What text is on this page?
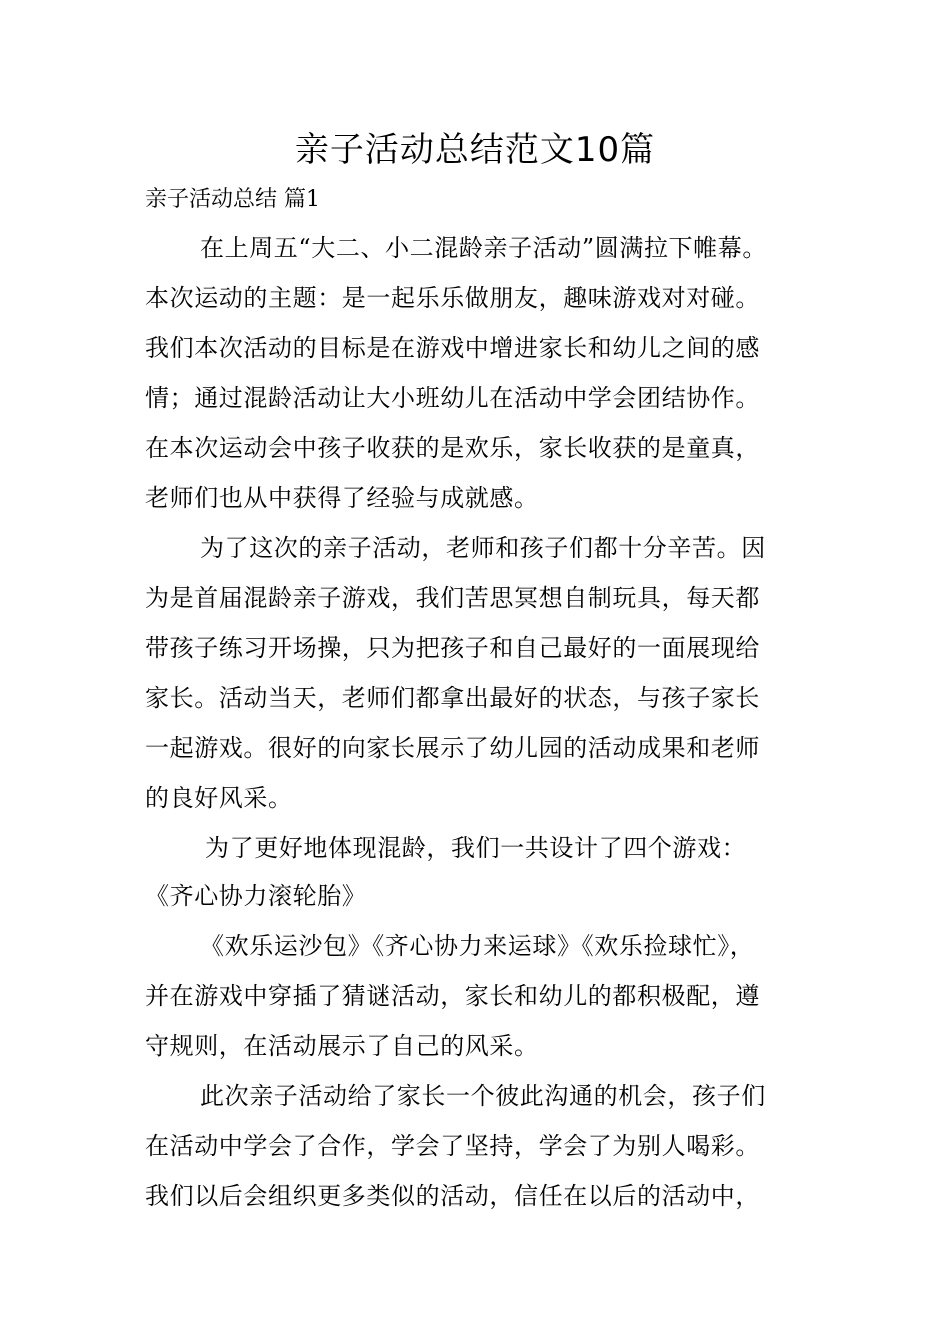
亲子活动总结范文10篇

亲子活动总结 篇1

在上周五“大二、小二混龄亲子活动”圆满拉下帷幕。

本次运动的主题：是一起乐乐做朋友，趣味游戏对对碰。

我们本次活动的目标是在游戏中增进家长和幼儿之间的感

情；通过混龄活动让大小班幼儿在活动中学会团结协作。

在本次运动会中孩子收获的是欢乐，家长收获的是童真，

老师们也从中获得了经验与成就感。

为了这次的亲子活动，老师和孩子们都十分辛苦。因

为是首届混龄亲子游戏，我们苦思冥想自制玩具，每天都

带孩子练习开场操，只为把孩子和自己最好的一面展现给

家长。活动当天，老师们都拿出最好的状态，与孩子家长

一起游戏。很好的向家长展示了幼儿园的活动成果和老师

的良好风采。

为了更好地体现混龄，我们一共设计了四个游戏：

《齐心协力滚轮胎》

《欢乐运沙包》《齐心协力来运球》《欢乐捡球忙》，

并在游戏中穿插了猜谜活动，家长和幼儿的都积极配，遵

守规则，在活动展示了自己的风采。

此次亲子活动给了家长一个彼此沟通的机会，孩子们

在活动中学会了合作，学会了坚持，学会了为别人喝彩。

我们以后会组织更多类似的活动，信任在以后的活动中，
